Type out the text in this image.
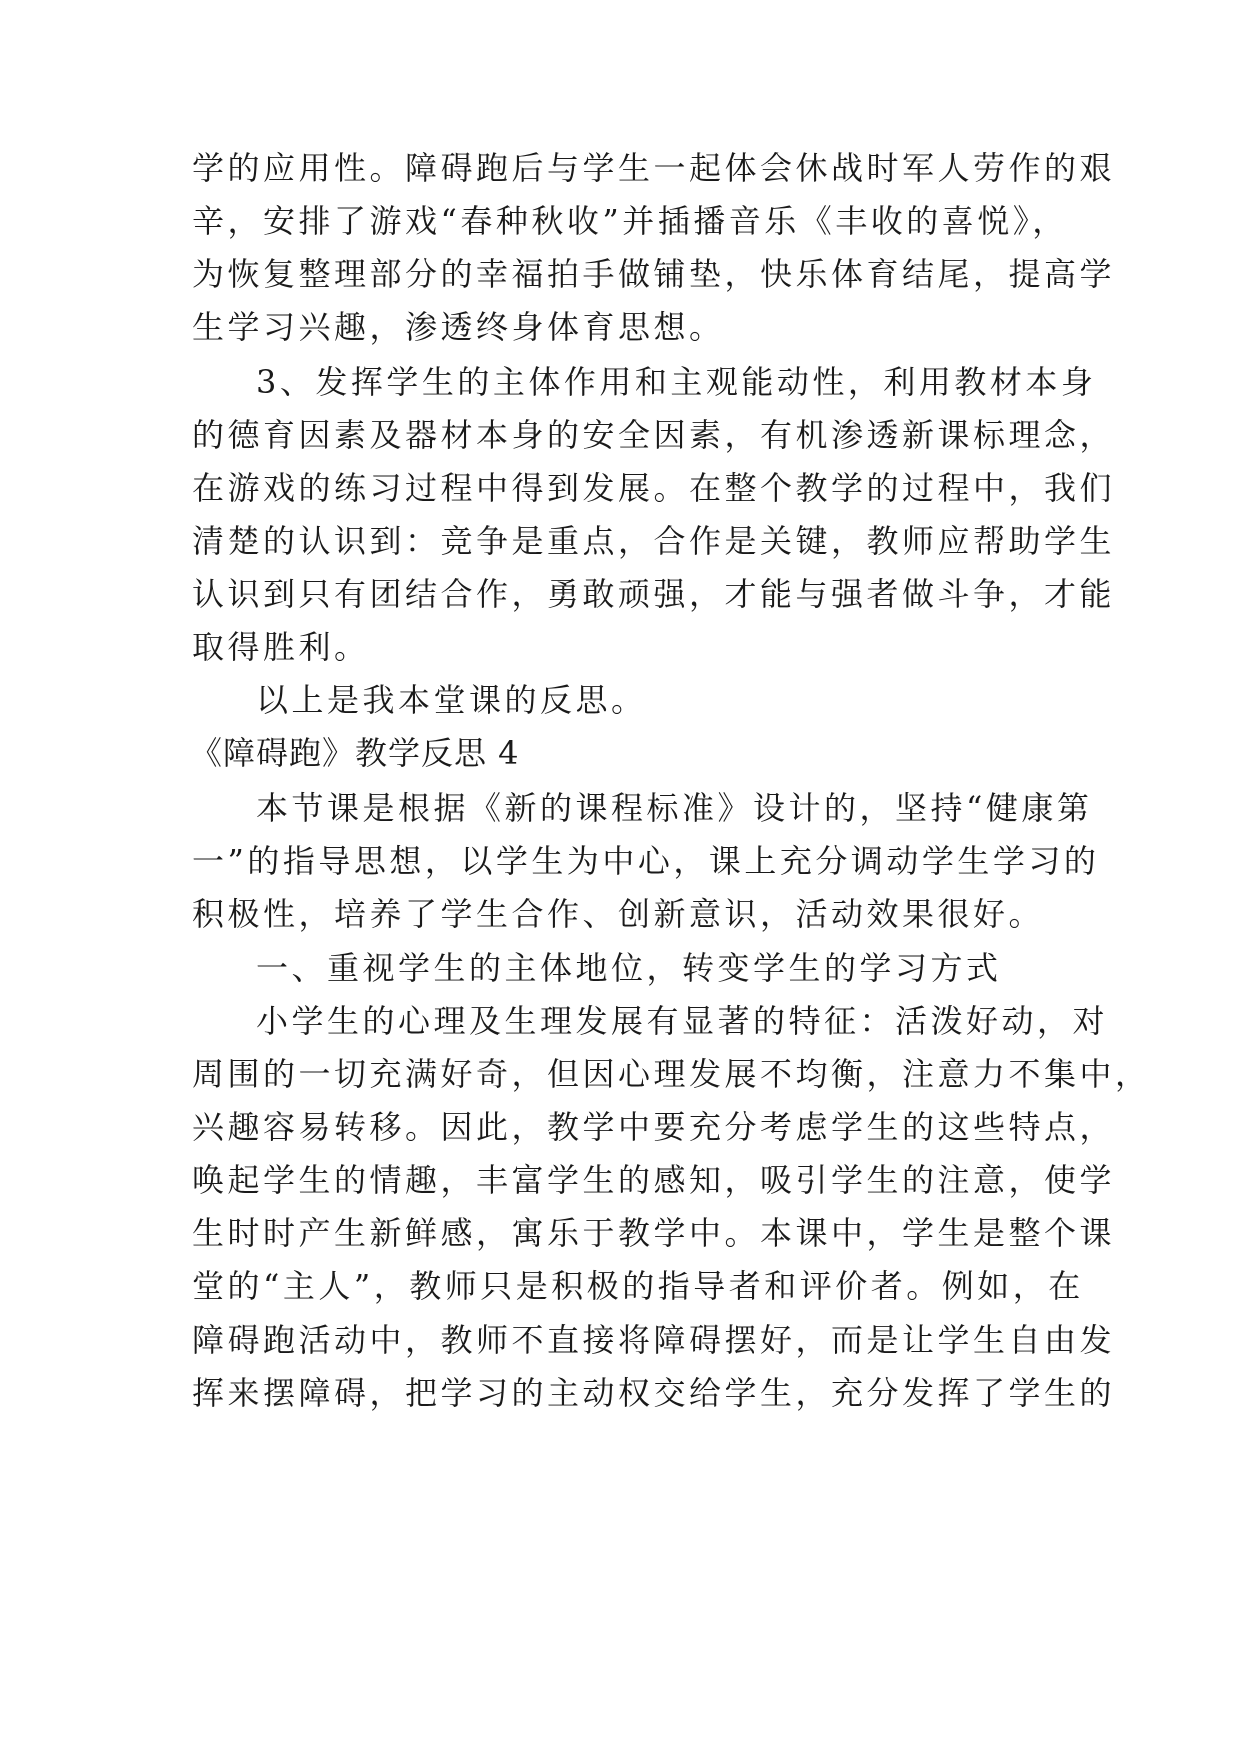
学的应用性。障碍跑后与学生一起体会休战时军人劳作的艰
辛，安排了游戏“春种秋收”并插播音乐《丰收的喜悦》，
为恢复整理部分的幸福拍手做铺垫，快乐体育结尾，提高学
生学习兴趣，渗透终身体育思想。
3、发挥学生的主体作用和主观能动性，利用教材本身
的德育因素及器材本身的安全因素，有机渗透新课标理念，
在游戏的练习过程中得到发展。在整个教学的过程中，我们
清楚的认识到：竞争是重点，合作是关键，教师应帮助学生
认识到只有团结合作，勇敢顽强，才能与强者做斗争，才能
取得胜利。
以上是我本堂课的反思。
《障碍跑》教学反思 4
本节课是根据《新的课程标准》设计的，坚持“健康第
一”的指导思想，以学生为中心，课上充分调动学生学习的
积极性，培养了学生合作、创新意识，活动效果很好。
一、重视学生的主体地位，转变学生的学习方式
小学生的心理及生理发展有显著的特征：活泼好动，对
周围的一切充满好奇，但因心理发展不均衡，注意力不集中，
兴趣容易转移。因此，教学中要充分考虑学生的这些特点，
唤起学生的情趣，丰富学生的感知，吸引学生的注意，使学
生时时产生新鲜感，寓乐于教学中。本课中，学生是整个课
堂的“主人”，教师只是积极的指导者和评价者。例如，在
障碍跑活动中，教师不直接将障碍摆好，而是让学生自由发
挥来摆障碍，把学习的主动权交给学生，充分发挥了学生的
